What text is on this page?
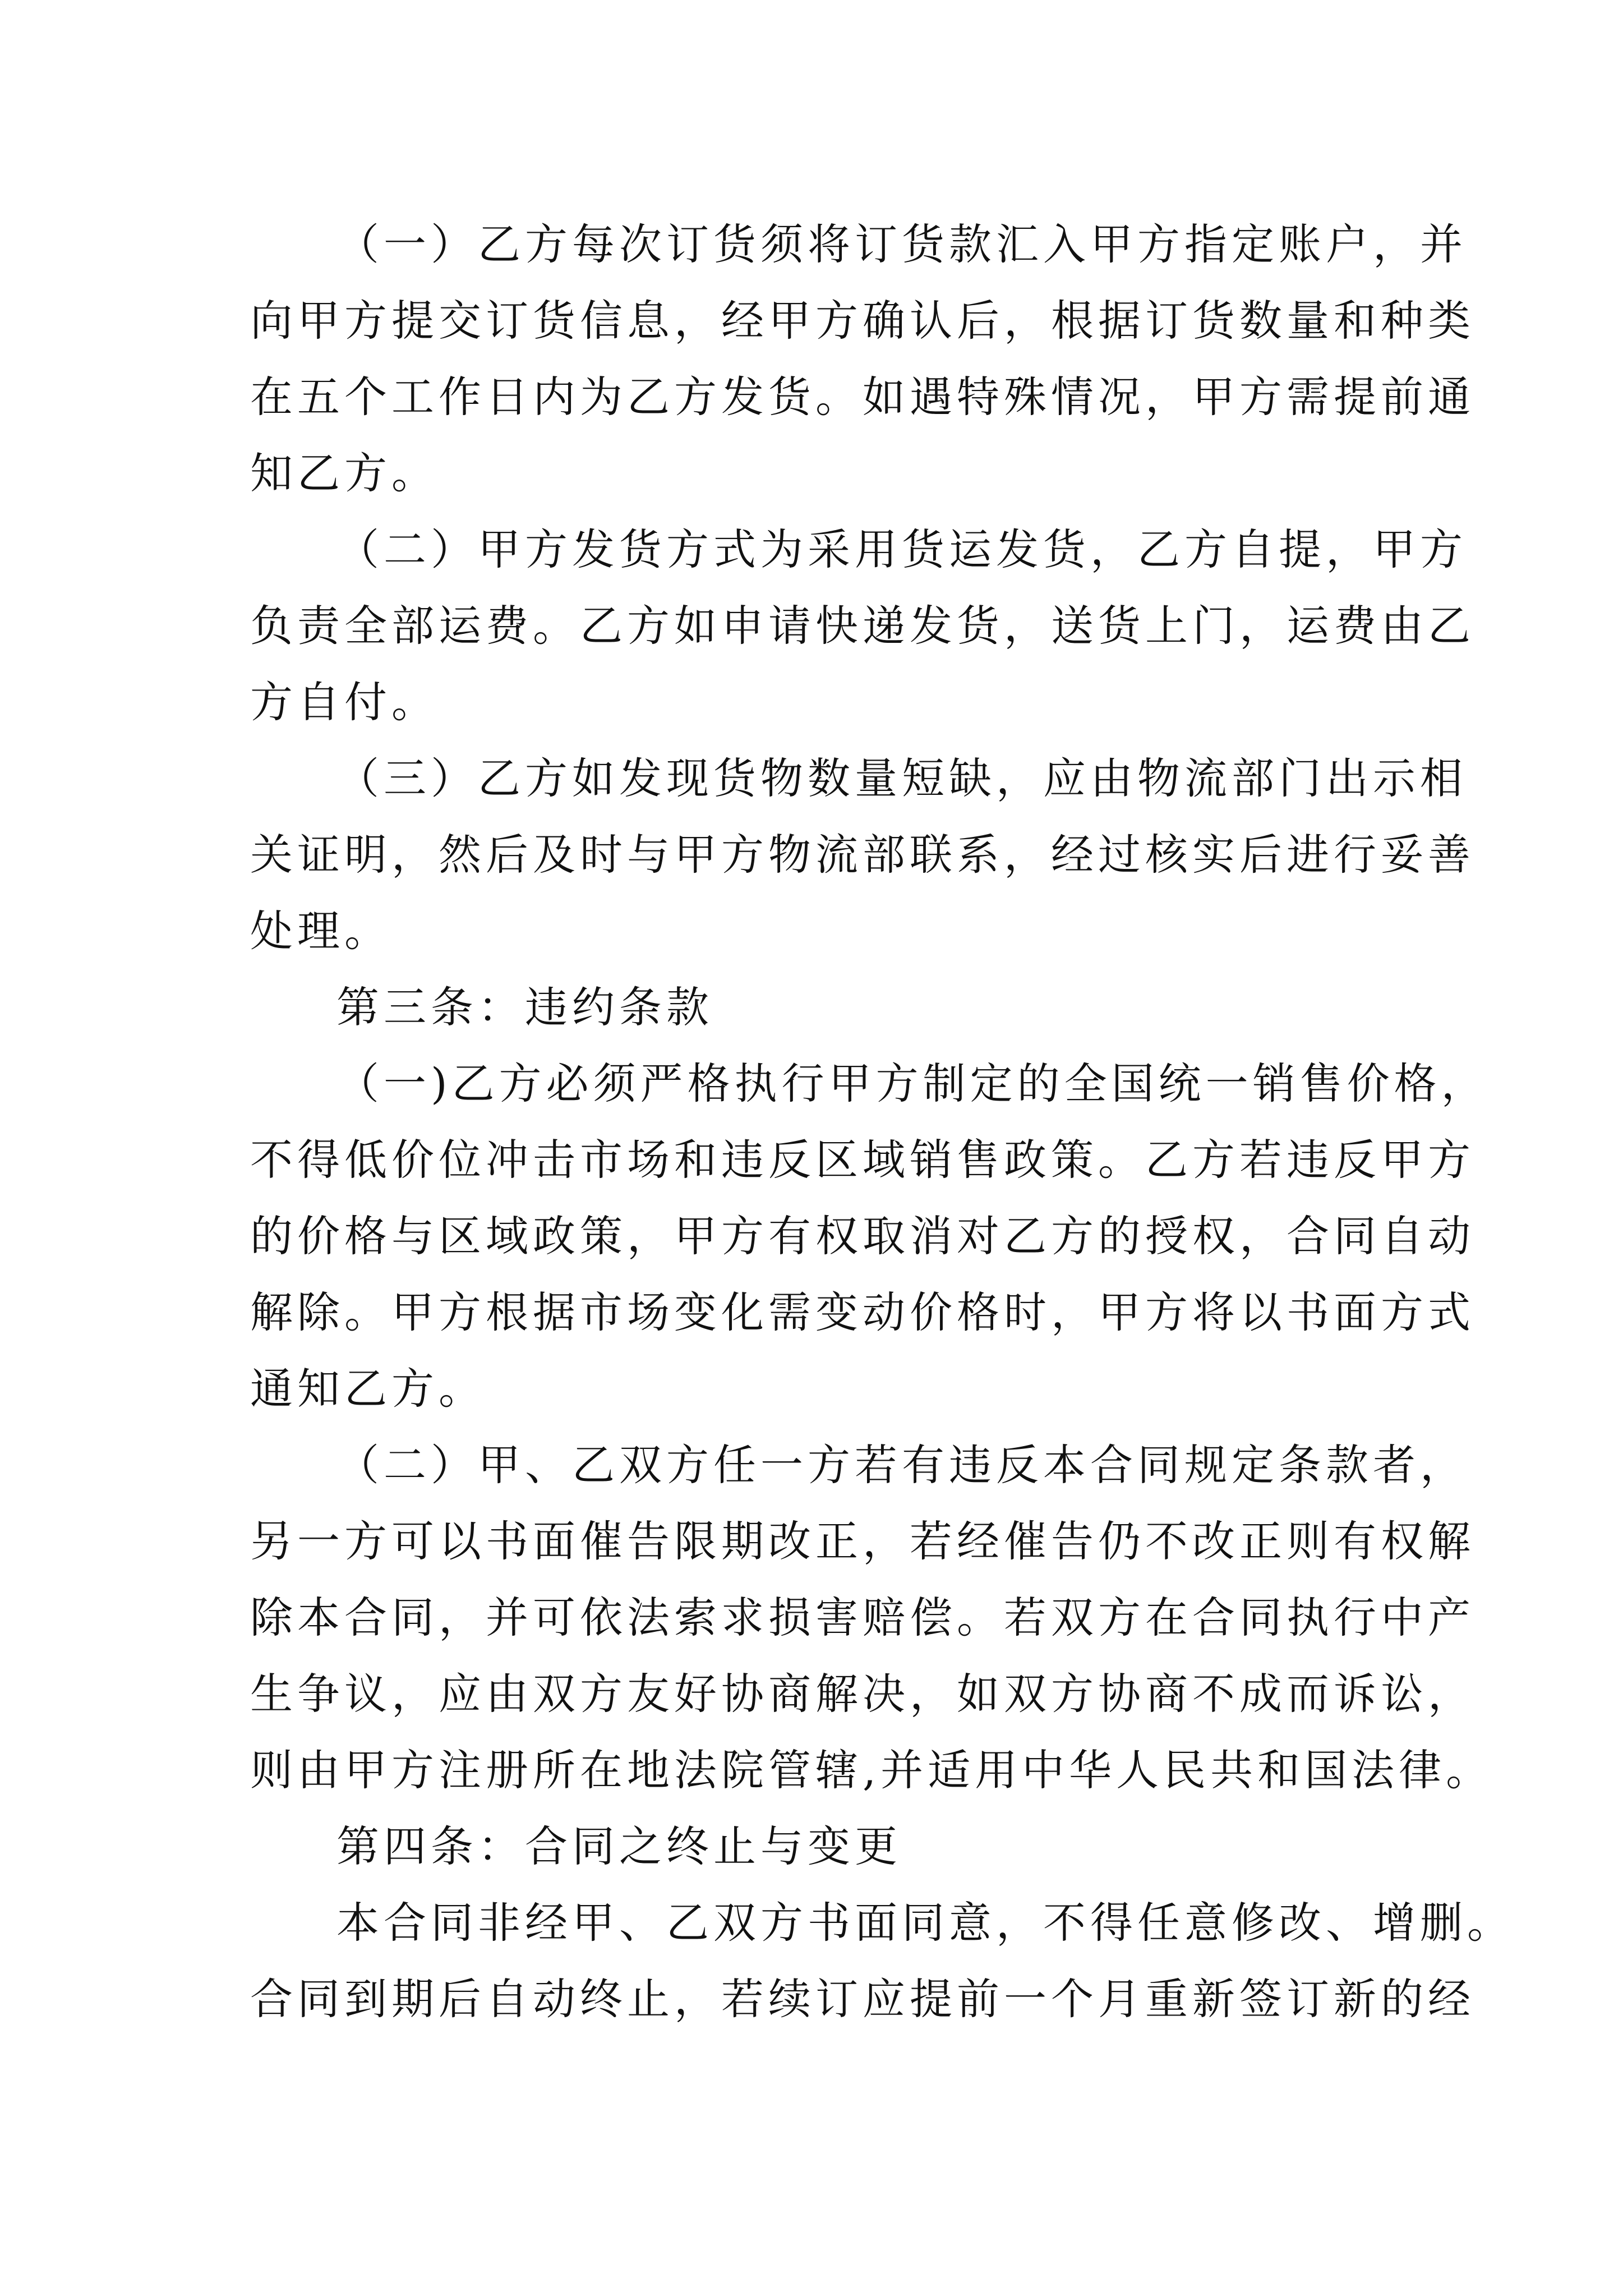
（一）乙方每次订货须将订货款汇入甲方指定账户，并
向甲方提交订货信息，经甲方确认后，根据订货数量和种类
在五个工作日内为乙方发货。如遇特殊情况，甲方需提前通
知乙方。
（二）甲方发货方式为采用货运发货，乙方自提，甲方
负责全部运费。乙方如申请快递发货，送货上门，运费由乙
方自付。
（三）乙方如发现货物数量短缺，应由物流部门出示相
关证明，然后及时与甲方物流部联系，经过核实后进行妥善
处理。
第三条：违约条款
（一)乙方必须严格执行甲方制定的全国统一销售价格，
不得低价位冲击市场和违反区域销售政策。乙方若违反甲方
的价格与区域政策，甲方有权取消对乙方的授权，合同自动
解除。甲方根据市场变化需变动价格时，甲方将以书面方式
通知乙方。
（二）甲、乙双方任一方若有违反本合同规定条款者，
另一方可以书面催告限期改正，若经催告仍不改正则有权解
除本合同，并可依法索求损害赔偿。若双方在合同执行中产
生争议，应由双方友好协商解决，如双方协商不成而诉讼，
则由甲方注册所在地法院管辖,并适用中华人民共和国法律。
第四条：合同之终止与变更
本合同非经甲、乙双方书面同意，不得任意修改、增删。
合同到期后自动终止，若续订应提前一个月重新签订新的经
